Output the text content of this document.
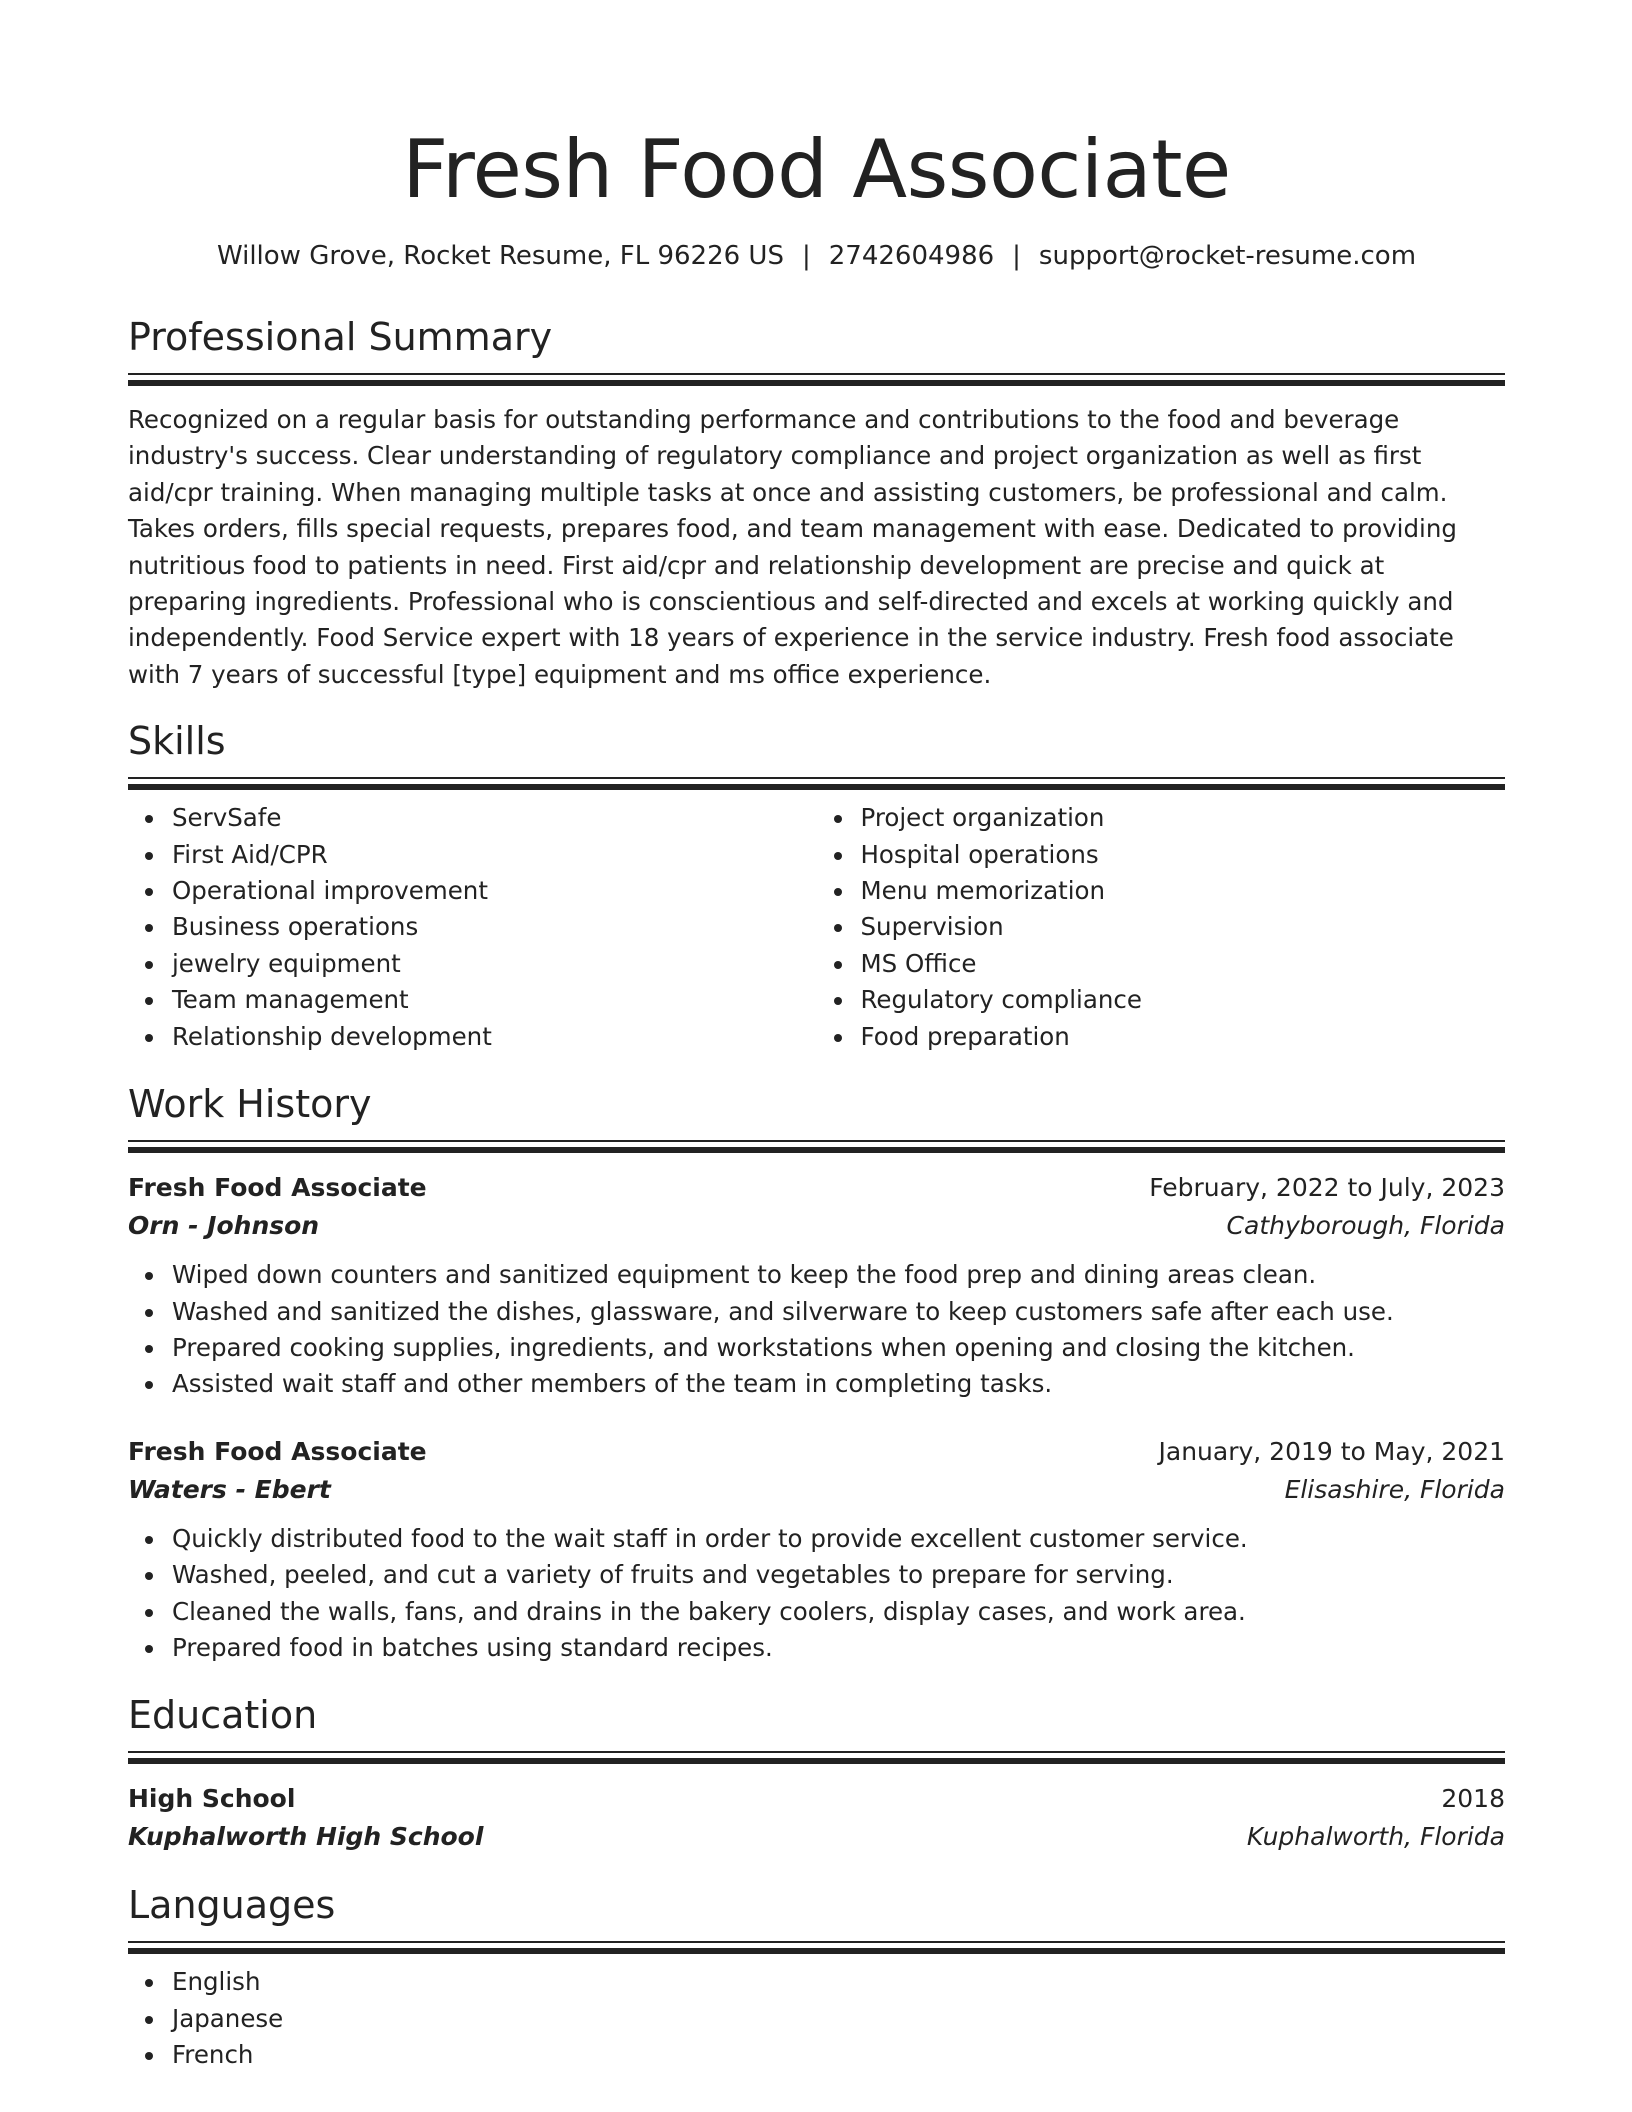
Fresh Food Associate
Willow Grove, Rocket Resume, FL 96226 US | 2742604986 | support@rocket-resume.com
Professional Summary

Recognized on a regular basis for outstanding performance and contributions to the food and beverage industry's success. Clear understanding of regulatory compliance and project organization as well as first aid/cpr training. When managing multiple tasks at once and assisting customers, be professional and calm. Takes orders, fills special requests, prepares food, and team management with ease. Dedicated to providing nutritious food to patients in need. First aid/cpr and relationship development are precise and quick at preparing ingredients. Professional who is conscientious and self-directed and excels at working quickly and independently. Food Service expert with 18 years of experience in the service industry. Fresh food associate with 7 years of successful [type] equipment and ms office experience.

Skills
ServSafe
First Aid/CPR
Operational improvement
Business operations
jewelry equipment
Team management
Relationship development
Project organization
Hospital operations
Menu memorization
Supervision
MS Office
Regulatory compliance
Food preparation
Work History
Fresh Food Associate	February, 2022 to July, 2023
Orn - Johnson	Cathyborough, Florida
Wiped down counters and sanitized equipment to keep the food prep and dining areas clean.
Washed and sanitized the dishes, glassware, and silverware to keep customers safe after each use.
Prepared cooking supplies, ingredients, and workstations when opening and closing the kitchen.
Assisted wait staff and other members of the team in completing tasks.
Fresh Food Associate	January, 2019 to May, 2021
Waters - Ebert	Elisashire, Florida
Quickly distributed food to the wait staff in order to provide excellent customer service.
Washed, peeled, and cut a variety of fruits and vegetables to prepare for serving.
Cleaned the walls, fans, and drains in the bakery coolers, display cases, and work area.
Prepared food in batches using standard recipes.
Education
High School	2018
Kuphalworth High School	Kuphalworth, Florida
Languages
English
Japanese
French
